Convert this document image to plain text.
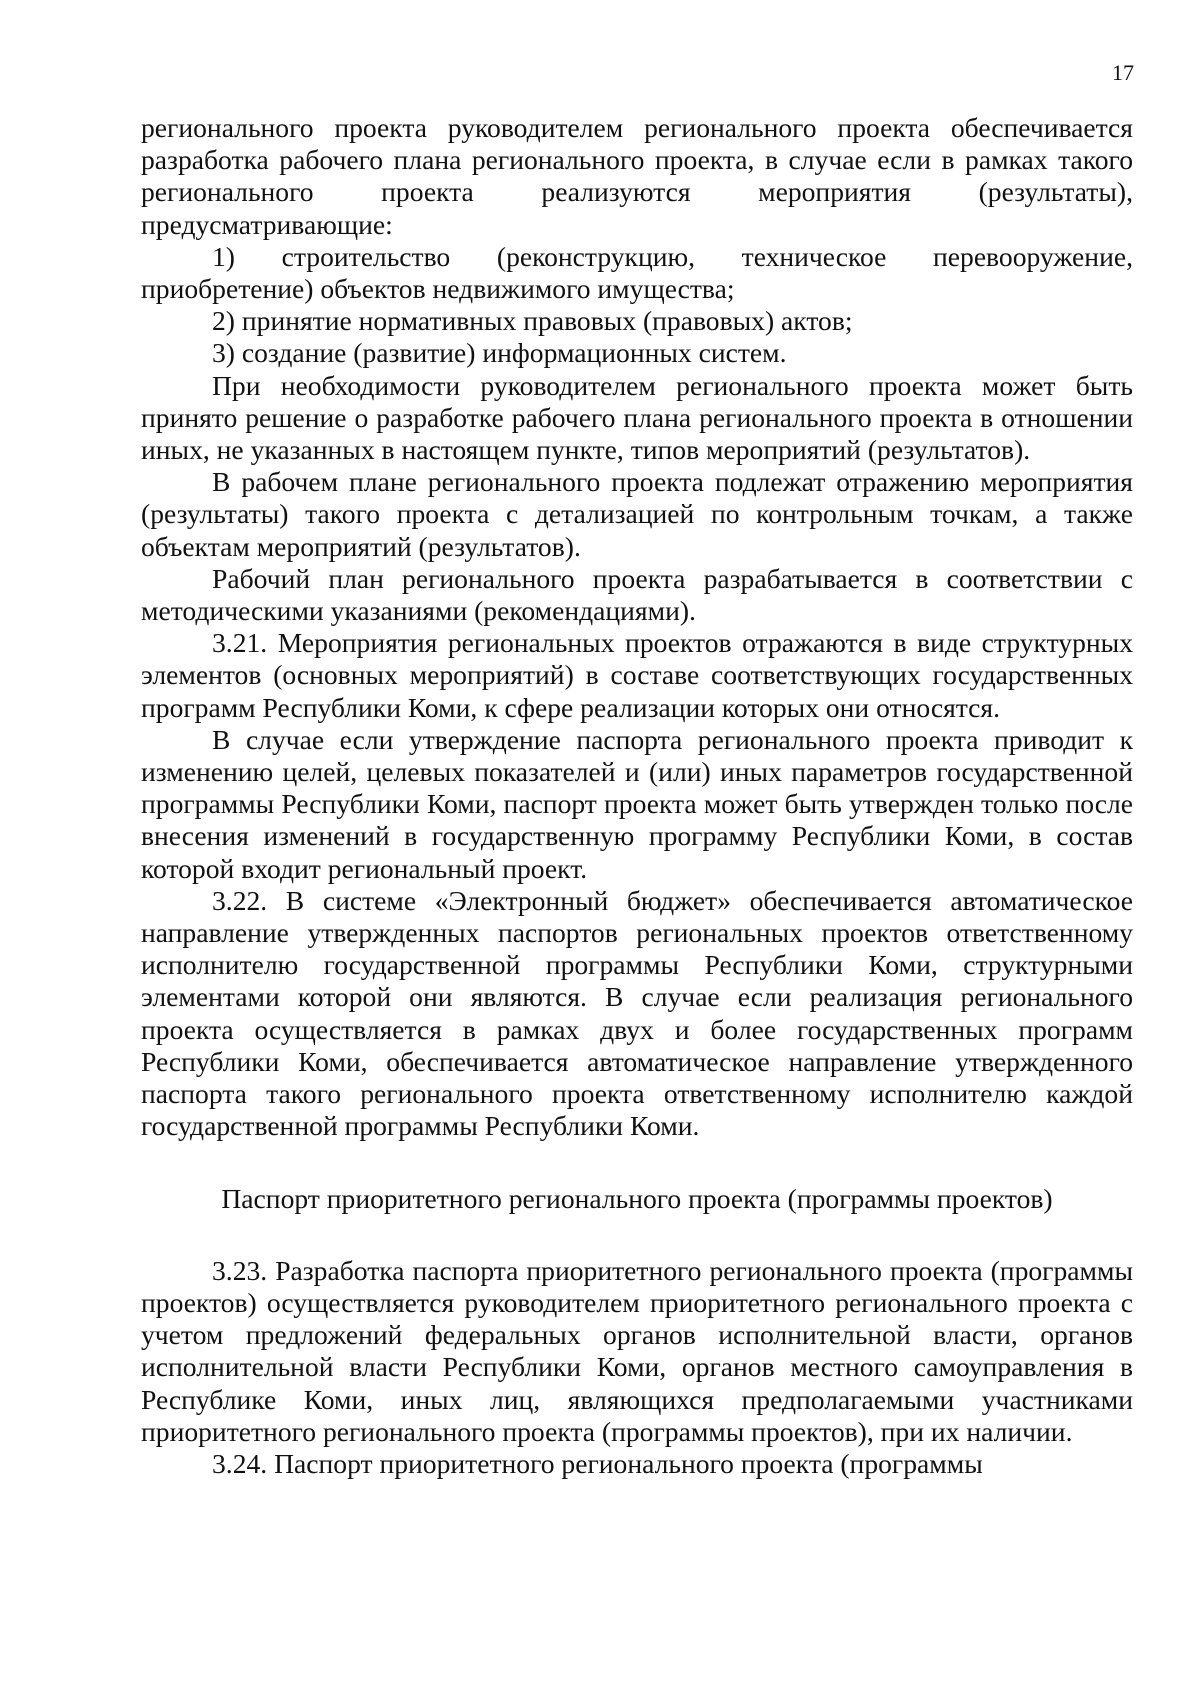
17

регионального проекта руководителем регионального проекта обеспечивается разработка рабочего плана регионального проекта, в случае если в рамках такого регионального проекта реализуются мероприятия (результаты), предусматривающие:

1) строительство (реконструкцию, техническое перевооружение, приобретение) объектов недвижимого имущества;

2) принятие нормативных правовых (правовых) актов;

3) создание (развитие) информационных систем.

При необходимости руководителем регионального проекта может быть принято решение о разработке рабочего плана регионального проекта в отношении иных, не указанных в настоящем пункте, типов мероприятий (результатов).

В рабочем плане регионального проекта подлежат отражению мероприятия (результаты) такого проекта с детализацией по контрольным точкам, а также объектам мероприятий (результатов).

Рабочий план регионального проекта разрабатывается в соответствии с методическими указаниями (рекомендациями).

3.21. Мероприятия региональных проектов отражаются в виде структурных элементов (основных мероприятий) в составе соответствующих государственных программ Республики Коми, к сфере реализации которых они относятся.

В случае если утверждение паспорта регионального проекта приводит к изменению целей, целевых показателей и (или) иных параметров государственной программы Республики Коми, паспорт проекта может быть утвержден только после внесения изменений в государственную программу Республики Коми, в состав которой входит региональный проект.

3.22. В системе «Электронный бюджет» обеспечивается автоматическое направление утвержденных паспортов региональных проектов ответственному исполнителю государственной программы Республики Коми, структурными элементами которой они являются. В случае если реализация регионального проекта осуществляется в рамках двух и более государственных программ Республики Коми, обеспечивается автоматическое направление утвержденного паспорта такого регионального проекта ответственному исполнителю каждой государственной программы Республики Коми.

Паспорт приоритетного регионального проекта (программы проектов)

3.23. Разработка паспорта приоритетного регионального проекта (программы проектов) осуществляется руководителем приоритетного регионального проекта с учетом предложений федеральных органов исполнительной власти, органов исполнительной власти Республики Коми, органов местного самоуправления в Республике Коми, иных лиц, являющихся предполагаемыми участниками приоритетного регионального проекта (программы проектов), при их наличии.

3.24. Паспорт приоритетного регионального проекта (программы
